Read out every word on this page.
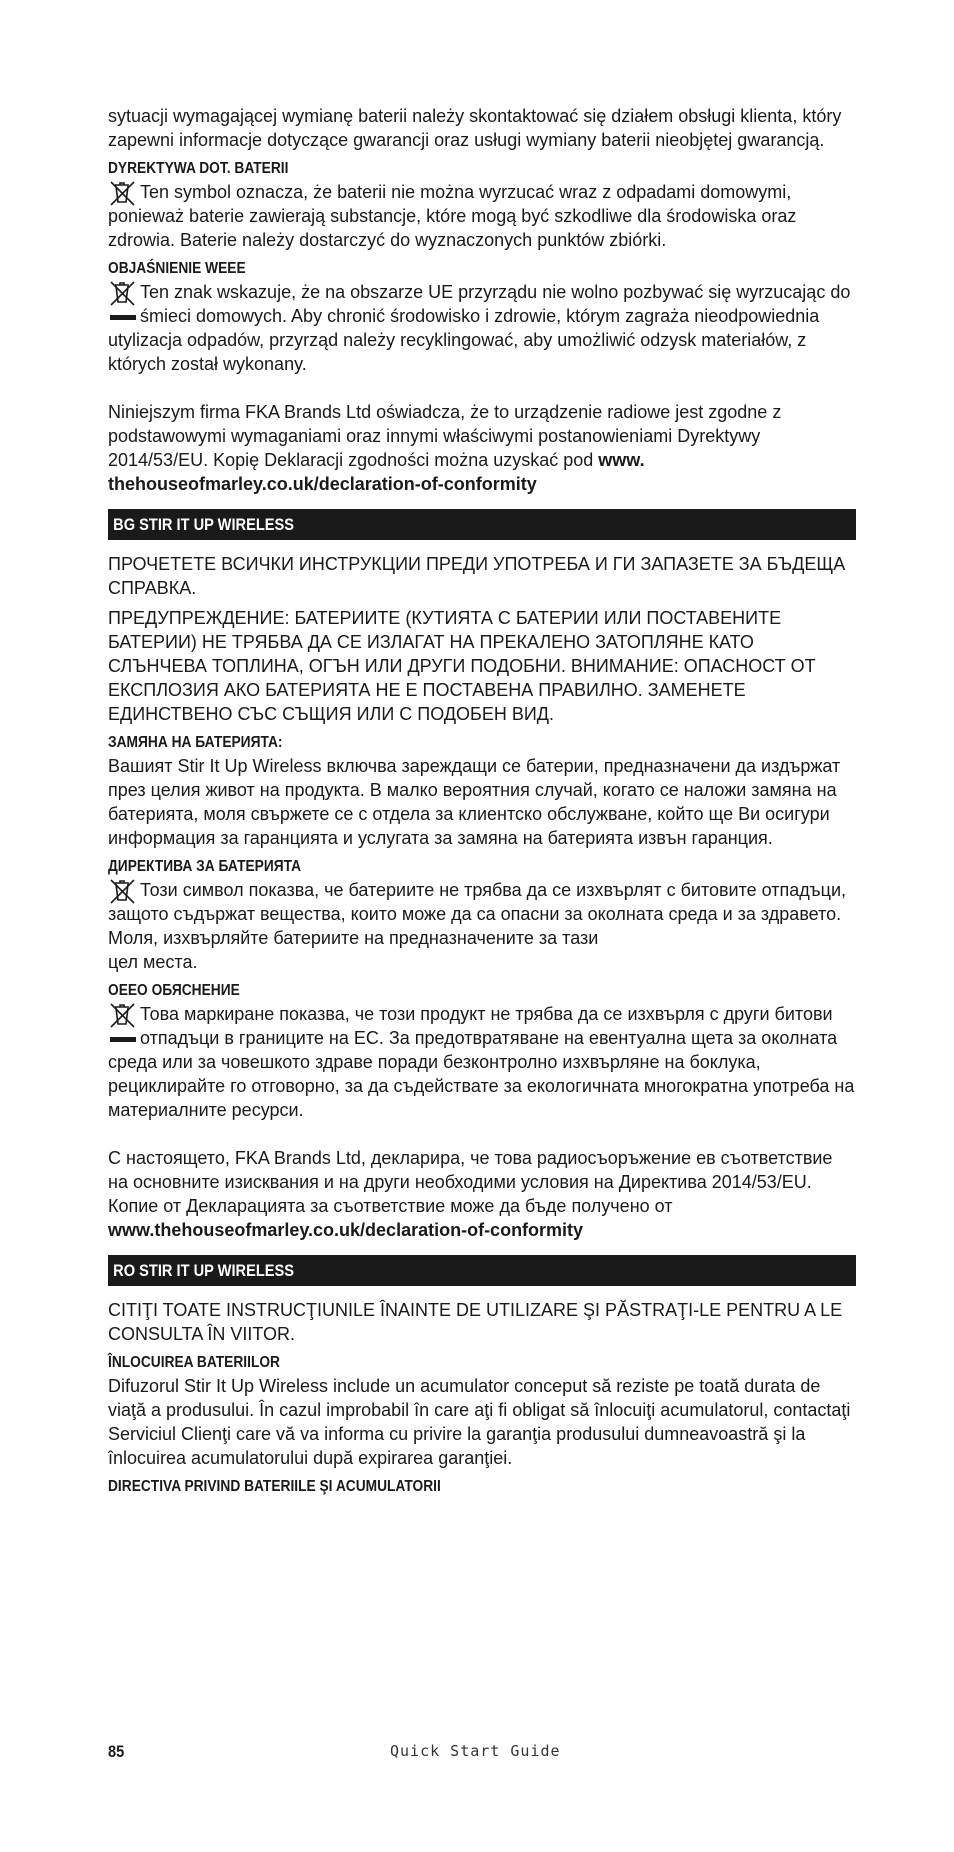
sytuacji wymagającej wymianę baterii należy skontaktować się działem obsługi klienta, który zapewni informacje dotyczące gwarancji oraz usługi wymiany baterii nieobjętej gwarancją.

DYREKTYWA DOT. BATERII

Ten symbol oznacza, że baterii nie można wyrzucać wraz z odpadami domowymi, ponieważ baterie zawierają substancje, które mogą być szkodliwe dla środowiska oraz zdrowia. Baterie należy dostarczyć do wyznaczonych punktów zbiórki.

OBJAŚNIENIE WEEE

Ten znak wskazuje, że na obszarze UE przyrządu nie wolno pozbywać się wyrzucając do śmieci domowych. Aby chronić środowisko i zdrowie, którym zagraża nieodpowiednia utylizacja odpadów, przyrząd należy recyklingować, aby umożliwić odzysk materiałów, z których został wykonany.

Niniejszym firma FKA Brands Ltd oświadcza, że to urządzenie radiowe jest zgodne z podstawowymi wymaganiami oraz innymi właściwymi postanowieniami Dyrektywy 2014/53/EU. Kopię Deklaracji zgodności można uzyskać pod www. thehouseofmarley.co.uk/declaration-of-conformity

BG STIR IT UP WIRELESS

ПРОЧЕТЕТЕ ВСИЧКИ ИНСТРУКЦИИ ПРЕДИ УПОТРЕБА И ГИ ЗАПАЗЕТЕ ЗА БЪДЕЩА СПРАВКА.

ПРЕДУПРЕЖДЕНИЕ: БАТЕРИИТЕ (КУТИЯТА С БАТЕРИИ ИЛИ ПОСТАВЕНИТЕ БАТЕРИИ) НЕ ТРЯБВА ДА СЕ ИЗЛАГАТ НА ПРЕКАЛЕНО ЗАТОПЛЯНЕ КАТО СЛЪНЧЕВА ТОПЛИНА, ОГЪН ИЛИ ДРУГИ ПОДОБНИ. ВНИМАНИЕ: ОПАСНОСТ ОТ ЕКСПЛОЗИЯ АКО БАТЕРИЯТА НЕ Е ПОСТАВЕНА ПРАВИЛНО. ЗАМЕНЕТЕ ЕДИНСТВЕНО СЪС СЪЩИЯ ИЛИ С ПОДОБЕН ВИД.

ЗАМЯНА НА БАТЕРИЯТА:

Вашият Stir It Up Wireless включва зареждащи се батерии, предназначени да издържат през целия живот на продукта. В малко вероятния случай, когато се наложи замяна на батерията, моля свържете се с отдела за клиентско обслужване, който ще Ви осигури информация за гаранцията и услугата за замяна на батерията извън гаранция.

ДИРЕКТИВА ЗА БАТЕРИЯТА

Този символ показва, че батериите не трябва да се изхвърлят с битовите отпадъци, защото съдържат вещества, които може да са опасни за околната среда и за здравето. Моля, изхвърляйте батериите на предназначените за тази

цел места.

ОЕЕО ОБЯСНЕНИЕ

Това маркиране показва, че този продукт не трябва да се изхвърля с други битови отпадъци в границите на ЕС. За предотвратяване на евентуална щета за околната среда или за човешкото здраве поради безконтролно изхвърляне на боклука, рециклирайте го отговорно, за да съдействате за екологичната многократна употреба на материалните ресурси.

С настоящето, FKA Brands Ltd, декларира, че това радиосъоръжение ев съответствие на основните изисквания и на други необходими условия на Директива 2014/53/EU. Копие от Декларацията за съответствие може да бъде получено от

www.thehouseofmarley.co.uk/declaration-of-conformity

RO STIR IT UP WIRELESS

CITIŢI TOATE INSTRUCŢIUNILE ÎNAINTE DE UTILIZARE ŞI PĂSTRAŢI-LE PENTRU A LE CONSULTA ÎN VIITOR.

ÎNLOCUIREA BATERIILOR

Difuzorul Stir It Up Wireless include un acumulator conceput să reziste pe toată durata de viaţă a produsului. În cazul improbabil în care aţi fi obligat să înlocuiţi acumulatorul, contactaţi Serviciul Clienţi care vă va informa cu privire la garanţia produsului dumneavoastră şi la înlocuirea acumulatorului după expirarea garanţiei.

DIRECTIVA PRIVIND BATERIILE ŞI ACUMULATORII

85	Quick Start Guide
